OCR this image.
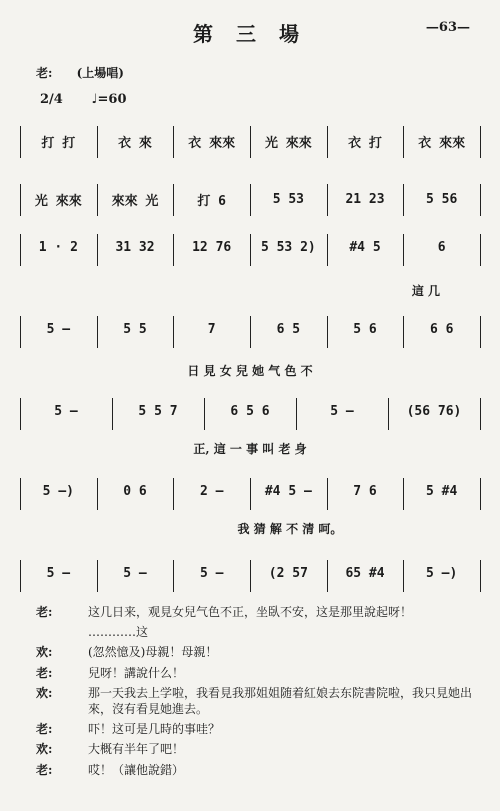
第 三 場	—63—
老: (上場唱)
2/4 ♩=60
打 打	衣 來	衣 來來	光 來來	衣 打	衣 來來
光 來來	來來 光	打 6	5 53	21 23	5 56
1 · 2	31 32	12 76	5 53 2)	#4 5	6
這 几
5 —	5 5	7	6 5	5 6	6 6
日 見 女 兒 她 气 色 不
5 —	5 5 7	6 5 6	5 —	(56 76)
正, 這 一 事 叫 老 身
5 —)	0 6	2 —	#4 5 —	7 6	5 #4
我 猜 解 不 清 呵。
5 —	5 —	5 —	(2 57	65 #4	5 —)
老:	这几日来，观見女兒气色不正，坐臥不安，这是那里說起呀！
…………这
欢:	(忽然憶及)母親！母親！
老:	兒呀！講說什么！
欢:	那一天我去上学啦，我看見我那姐姐随着紅娘去东院書院啦，我只見她出來，沒有看見她進去。
老:	吓！这可是几時的事哇？
欢:	大概有半年了吧！
老:	哎！（讓他說錯）
